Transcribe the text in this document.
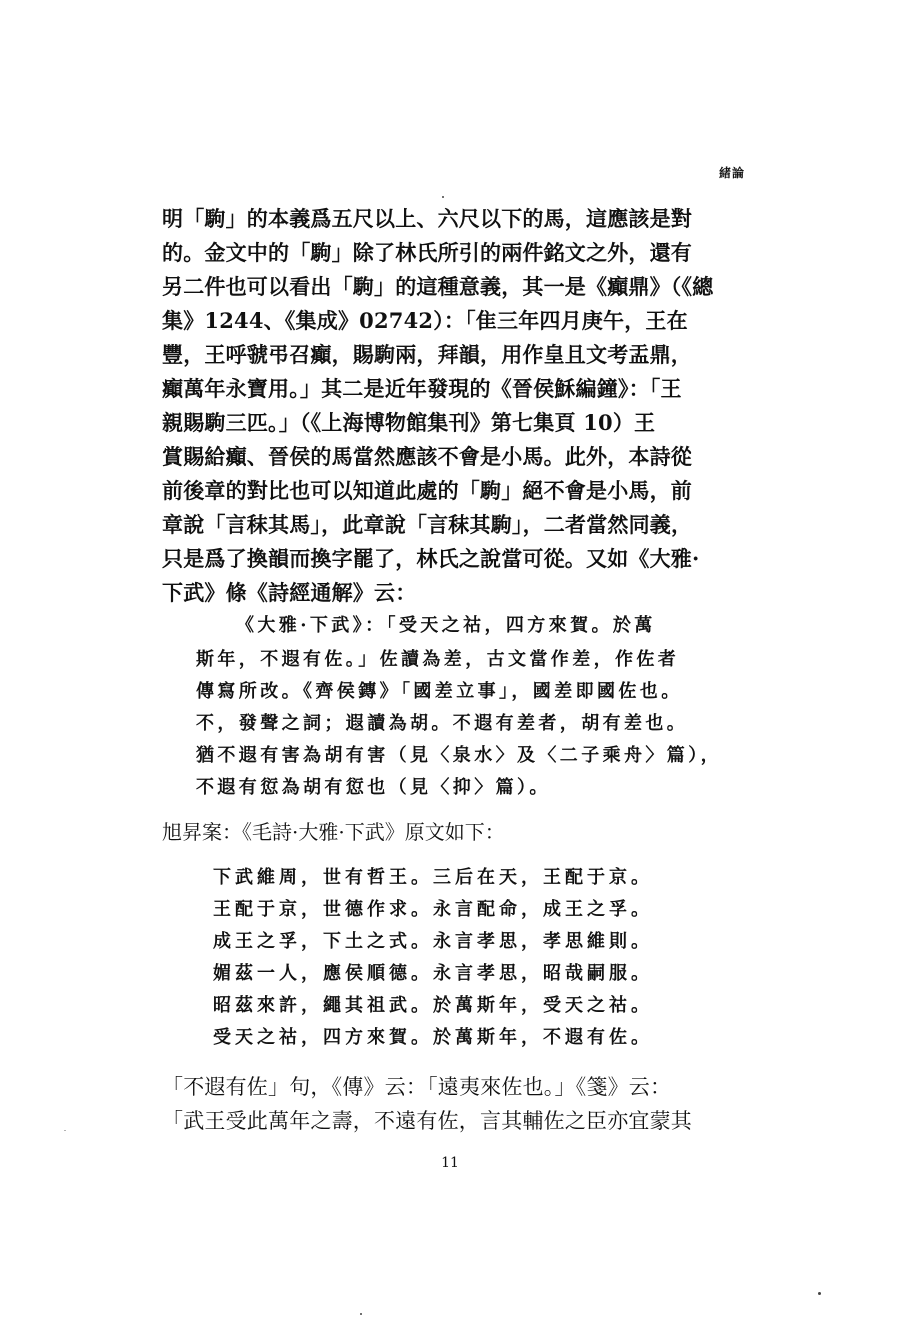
緒論
明「駒」的本義爲五尺以上、六尺以下的馬，這應該是對
的。金文中的「駒」除了林氏所引的兩件銘文之外，還有
另二件也可以看出「駒」的這種意義，其一是《癲鼎》（《總
集》1244、《集成》02742）：「隹三年四月庚午，王在
豐，王呼虢弔召癲，賜駒兩，拜韻，用作皇且文考盂鼎，
癲萬年永寶用。」其二是近年發現的《晉侯穌編鐘》：「王
親賜駒三匹。」（《上海博物館集刊》第七集頁 10）王
賞賜給癲、晉侯的馬當然應該不會是小馬。此外，本詩從
前後章的對比也可以知道此處的「駒」絕不會是小馬，前
章說「言秣其馬」，此章說「言秣其駒」，二者當然同義，
只是爲了換韻而換字罷了，林氏之說當可從。又如《大雅·
下武》條《詩經通解》云：
《大雅·下武》：「受天之祜，四方來賀。於萬
斯年，不遐有佐。」佐讀為差，古文當作差，作佐者
傳寫所改。《齊侯鏄》「國差立事」，國差即國佐也。
不，發聲之詞；遐讀為胡。不遐有差者，胡有差也。
猶不遐有害為胡有害（見〈泉水〉及〈二子乘舟〉篇），
不遐有愆為胡有愆也（見〈抑〉篇）。
旭昇案：《毛詩·大雅·下武》原文如下：
下武維周，世有哲王。三后在天，王配于京。
王配于京，世德作求。永言配命，成王之孚。
成王之孚，下土之式。永言孝思，孝思維則。
媚茲一人，應侯順德。永言孝思，昭哉嗣服。
昭茲來許，繩其祖武。於萬斯年，受天之祜。
受天之祜，四方來賀。於萬斯年，不遐有佐。
「不遐有佐」句，《傳》云：「遠夷來佐也。」《箋》云：
「武王受此萬年之壽，不遠有佐，言其輔佐之臣亦宜蒙其
11
